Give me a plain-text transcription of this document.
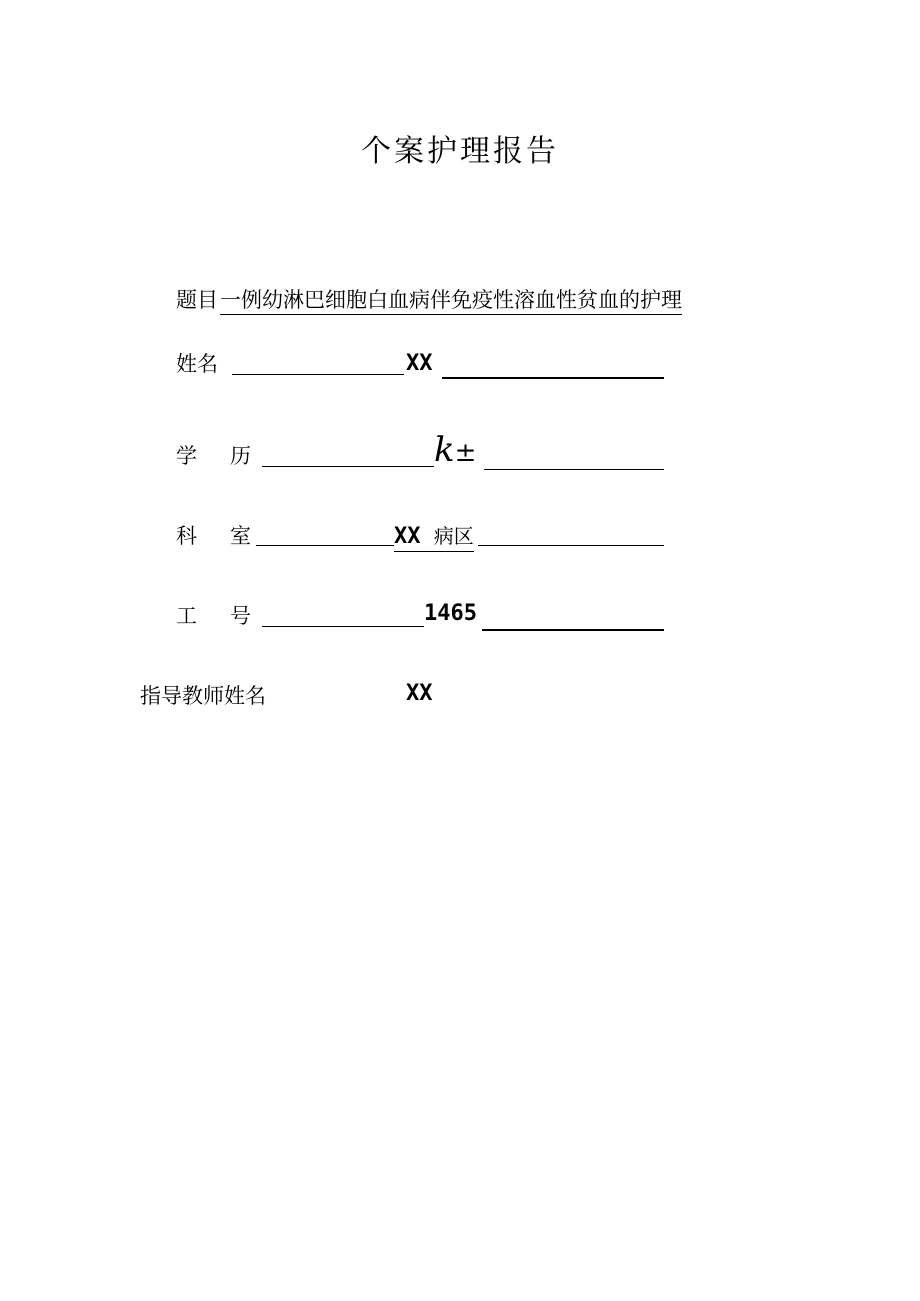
个案护理报告
题目 一例幼淋巴细胞白血病伴免疫性溶血性贫血的护理
姓名	XX
学 历	k±
科 室	XX 病区
工 号	1465
指导教师姓名	XX
